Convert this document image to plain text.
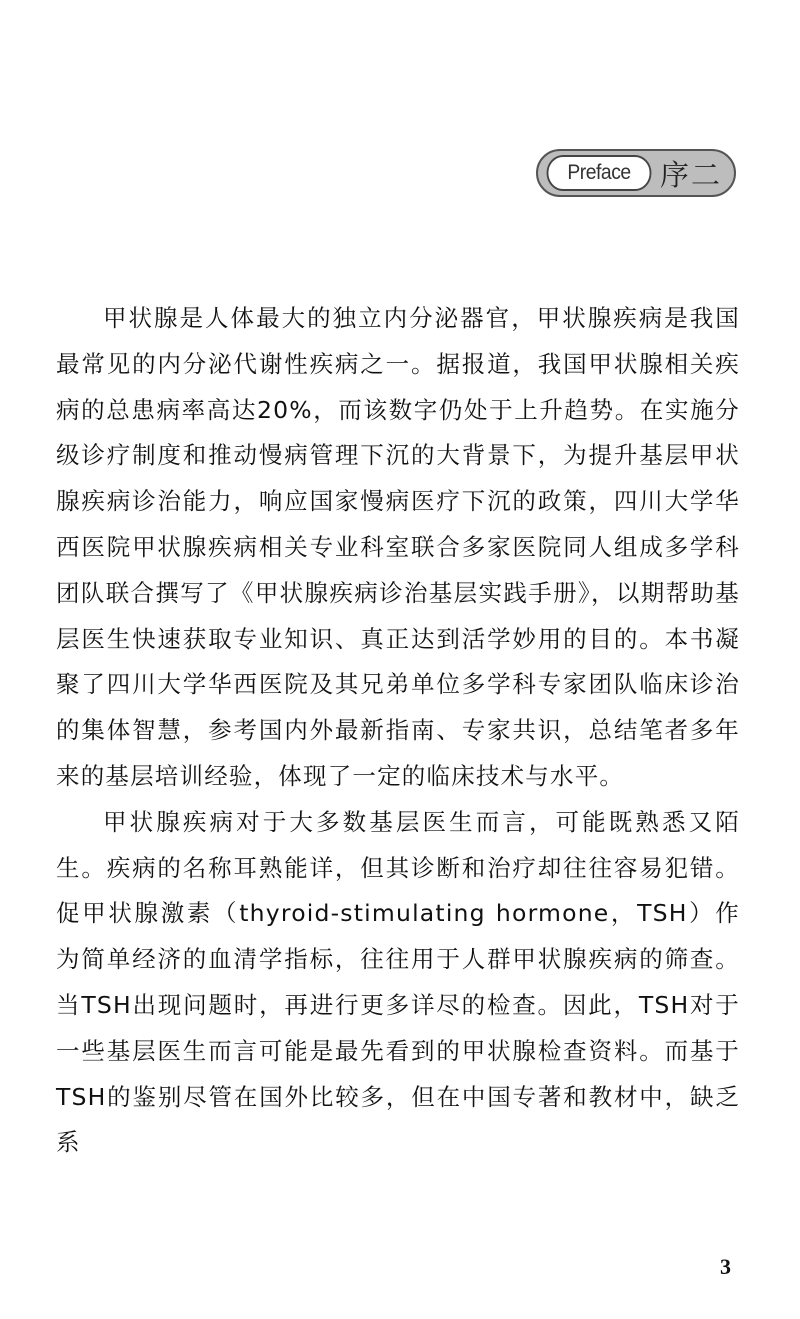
Preface	序二

甲状腺是人体最大的独立内分泌器官，甲状腺疾病是我国最常见的内分泌代谢性疾病之一。据报道，我国甲状腺相关疾病的总患病率高达20%，而该数字仍处于上升趋势。在实施分级诊疗制度和推动慢病管理下沉的大背景下，为提升基层甲状腺疾病诊治能力，响应国家慢病医疗下沉的政策，四川大学华西医院甲状腺疾病相关专业科室联合多家医院同人组成多学科团队联合撰写了《甲状腺疾病诊治基层实践手册》，以期帮助基层医生快速获取专业知识、真正达到活学妙用的目的。本书凝聚了四川大学华西医院及其兄弟单位多学科专家团队临床诊治的集体智慧，参考国内外最新指南、专家共识，总结笔者多年来的基层培训经验，体现了一定的临床技术与水平。

甲状腺疾病对于大多数基层医生而言，可能既熟悉又陌生。疾病的名称耳熟能详，但其诊断和治疗却往往容易犯错。促甲状腺激素（thyroid-stimulating hormone，TSH）作为简单经济的血清学指标，往往用于人群甲状腺疾病的筛查。当TSH出现问题时，再进行更多详尽的检查。因此，TSH对于一些基层医生而言可能是最先看到的甲状腺检查资料。而基于TSH的鉴别尽管在国外比较多，但在中国专著和教材中，缺乏系

3
